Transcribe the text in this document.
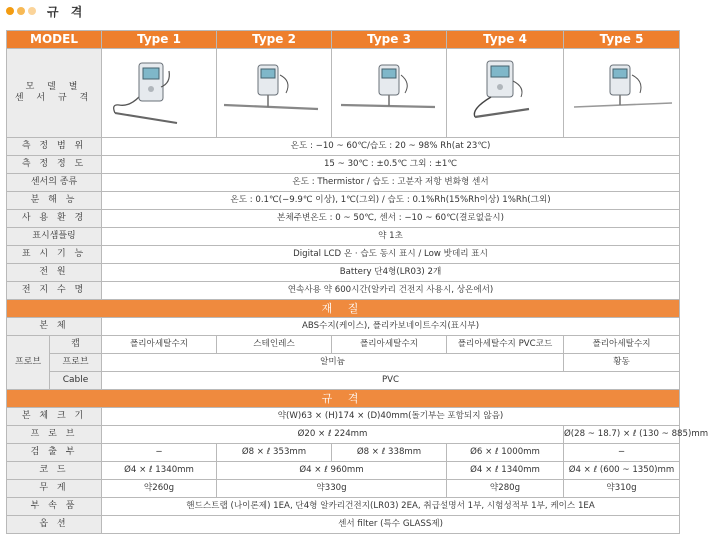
규 격
MODEL		Type 1	Type 2	Type 3	Type 4	Type 5
모 델 별
센 서 규 격	

측 정 범 위		온도 : −10 ~ 60℃/습도 : 20 ~ 98% Rh(at 23℃)				
측 정 정 도		15 ~ 30℃ : ±0.5℃ 그외 : ±1℃				
센서의 종류		온도 : Thermistor / 습도 : 고분자 저항 변화형 센서				
분 해 능		온도 : 0.1℃(−9.9℃ 이상), 1℃(그외) / 습도 : 0.1%Rh(15%Rh이상) 1%Rh(그외)				
사 용 환 경		본체주변온도 : 0 ~ 50℃, 센서 : −10 ~ 60℃(결로없을시)				
표시샘플링		약 1초				
표 시 기 능		Digital LCD 온 · 습도 동시 표시 / Low 밧데리 표시				
전 원		Battery 단4형(LR03) 2개				
전 지 수 명		연속사용 약 600시간(알카리 건전지 사용시, 상온에서)				
재 질						
본 체		ABS수지(케이스), 폴리카보네이트수지(표시부)				
프로브	캡	폴리아세탈수지	스테인레스	폴리아세탈수지	폴리아세탈수지 PVC코드	폴리아세탈수지
	프로브	알미늄				황동
	Cable	PVC				
규 격						
본 체 크 기		약(W)63 × (H)174 × (D)40mm(돌기부는 포함되지 않음)				
프 로 브		Ø20 × ℓ 224mm				Ø(28 ~ 18.7) × ℓ (130 ~ 885)mm
검 출 부		−	Ø8 × ℓ 353mm	Ø8 × ℓ 338mm	Ø6 × ℓ 1000mm	−
코 드		Ø4 × ℓ 1340mm	Ø4 × ℓ 960mm		Ø4 × ℓ 1340mm	Ø4 × ℓ (600 ~ 1350)mm
무 게		약260g	약330g		약280g	약310g
부 속 품		핸드스트랩 (나이론제) 1EA, 단4형 알카리건전지(LR03) 2EA, 취급설명서 1부, 시험성적부 1부, 케이스 1EA				
옵 션		센서 filter (특수 GLASS제)				
